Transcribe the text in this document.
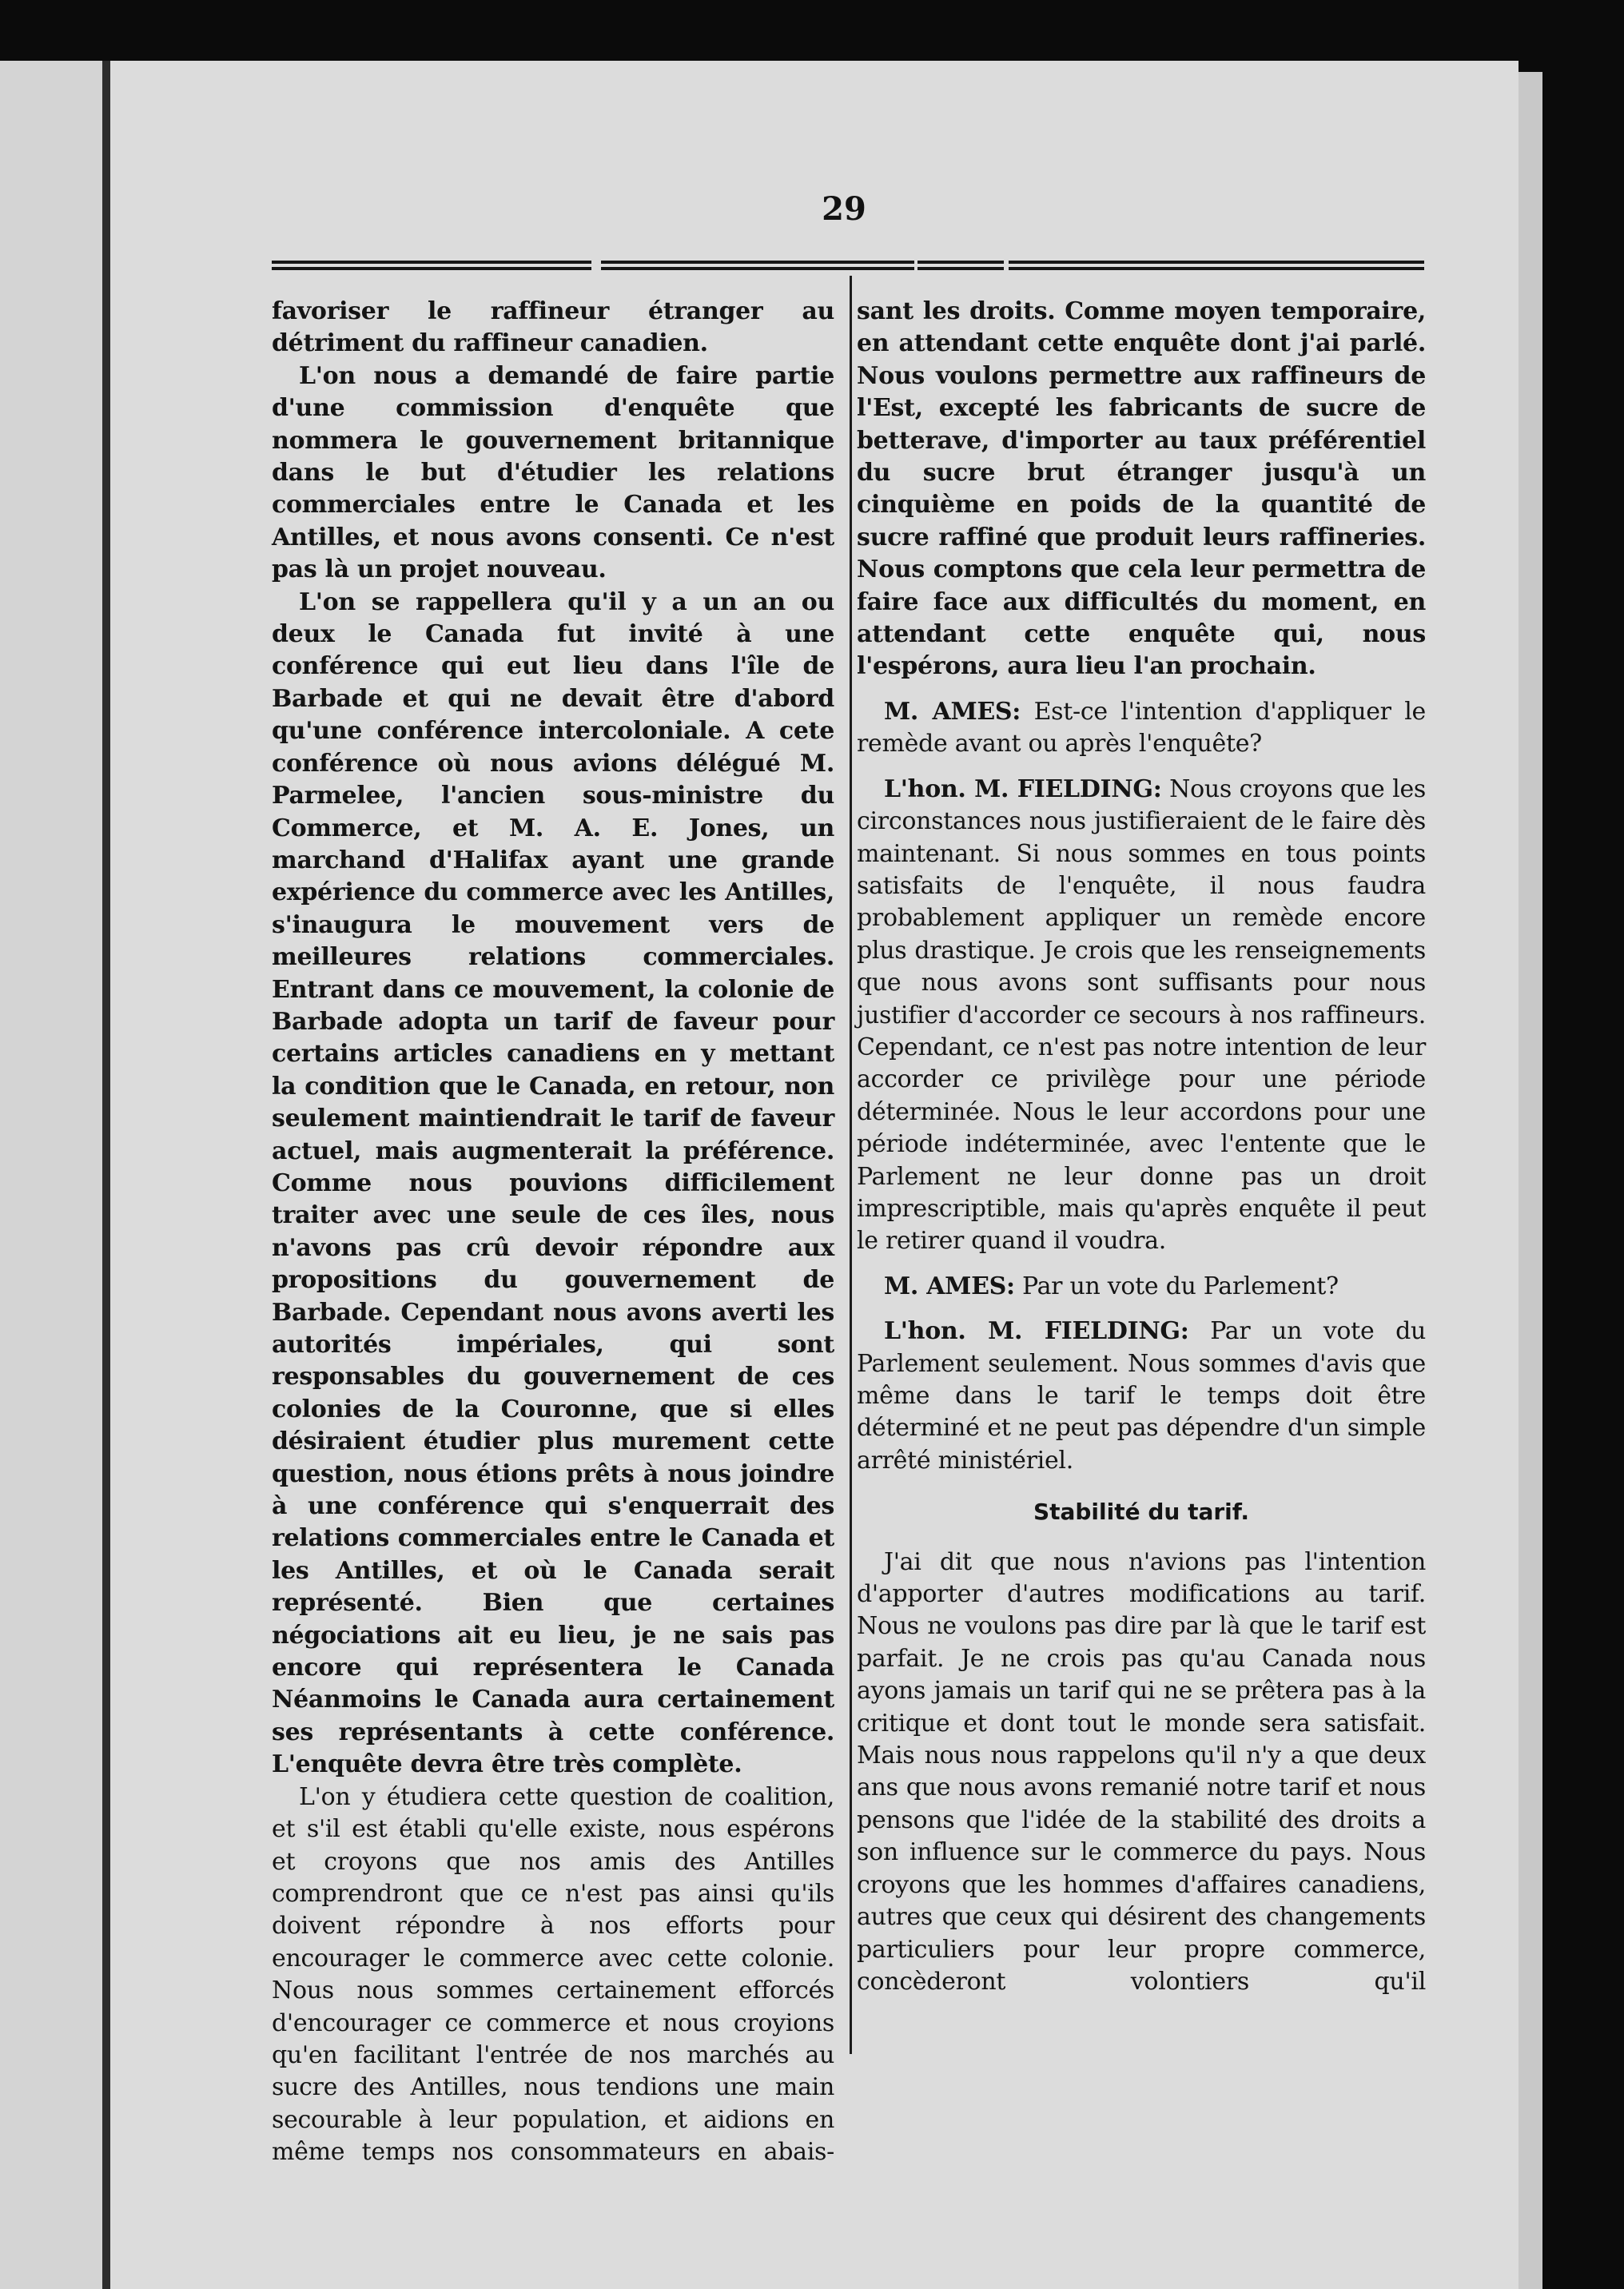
29

favoriser le raffineur étranger au détriment du raffineur canadien.

L'on nous a demandé de faire partie d'une commission d'enquête que nommera le gouvernement britannique dans le but d'étudier les relations commerciales entre le Canada et les Antilles, et nous avons consenti. Ce n'est pas là un projet nouveau.

L'on se rappellera qu'il y a un an ou deux le Canada fut invité à une conférence qui eut lieu dans l'île de Barbade et qui ne devait être d'abord qu'une conférence intercoloniale. A cete conférence où nous avions délégué M. Parmelee, l'ancien sous-ministre du Commerce, et M. A. E. Jones, un marchand d'Halifax ayant une grande expérience du commerce avec les Antilles, s'inaugura le mouvement vers de meilleures relations commerciales. Entrant dans ce mouvement, la colonie de Barbade adopta un tarif de faveur pour certains articles canadiens en y mettant la condition que le Canada, en retour, non seulement maintiendrait le tarif de faveur actuel, mais augmenterait la préférence. Comme nous pouvions difficilement traiter avec une seule de ces îles, nous n'avons pas crû devoir répondre aux propositions du gouvernement de Barbade. Cependant nous avons averti les autorités impériales, qui sont responsables du gouvernement de ces colonies de la Couronne, que si elles désiraient étudier plus murement cette question, nous étions prêts à nous joindre à une conférence qui s'enquerrait des relations commerciales entre le Canada et les Antilles, et où le Canada serait représenté. Bien que certaines négociations ait eu lieu, je ne sais pas encore qui représentera le Canada Néanmoins le Canada aura certainement ses représentants à cette conférence. L'enquête devra être très complète.

L'on y étudiera cette question de coalition, et s'il est établi qu'elle existe, nous espérons et croyons que nos amis des Antilles comprendront que ce n'est pas ainsi qu'ils doivent répondre à nos efforts pour encourager le commerce avec cette colonie. Nous nous sommes certainement efforcés d'encourager ce commerce et nous croyions qu'en facilitant l'entrée de nos marchés au sucre des Antilles, nous tendions une main secourable à leur population, et aidions en même temps nos consommateurs en abais-

sant les droits. Comme moyen temporaire, en attendant cette enquête dont j'ai parlé. Nous voulons permettre aux raffineurs de l'Est, excepté les fabricants de sucre de betterave, d'importer au taux préférentiel du sucre brut étranger jusqu'à un cinquième en poids de la quantité de sucre raffiné que produit leurs raffineries. Nous comptons que cela leur permettra de faire face aux difficultés du moment, en attendant cette enquête qui, nous l'espérons, aura lieu l'an prochain.

M. AMES: Est-ce l'intention d'appliquer le remède avant ou après l'enquête?

L'hon. M. FIELDING: Nous croyons que les circonstances nous justifieraient de le faire dès maintenant. Si nous sommes en tous points satisfaits de l'enquête, il nous faudra probablement appliquer un remède encore plus drastique. Je crois que les renseignements que nous avons sont suffisants pour nous justifier d'accorder ce secours à nos raffineurs. Cependant, ce n'est pas notre intention de leur accorder ce privilège pour une période déterminée. Nous le leur accordons pour une période indéterminée, avec l'entente que le Parlement ne leur donne pas un droit imprescriptible, mais qu'après enquête il peut le retirer quand il voudra.

M. AMES: Par un vote du Parlement?

L'hon. M. FIELDING: Par un vote du Parlement seulement. Nous sommes d'avis que même dans le tarif le temps doit être déterminé et ne peut pas dépendre d'un simple arrêté ministériel.

Stabilité du tarif.

J'ai dit que nous n'avions pas l'intention d'apporter d'autres modifications au tarif. Nous ne voulons pas dire par là que le tarif est parfait. Je ne crois pas qu'au Canada nous ayons jamais un tarif qui ne se prêtera pas à la critique et dont tout le monde sera satisfait. Mais nous nous rappelons qu'il n'y a que deux ans que nous avons remanié notre tarif et nous pensons que l'idée de la stabilité des droits a son influence sur le commerce du pays. Nous croyons que les hommes d'affaires canadiens, autres que ceux qui désirent des changements particuliers pour leur propre commerce, concèderont volontiers qu'il
